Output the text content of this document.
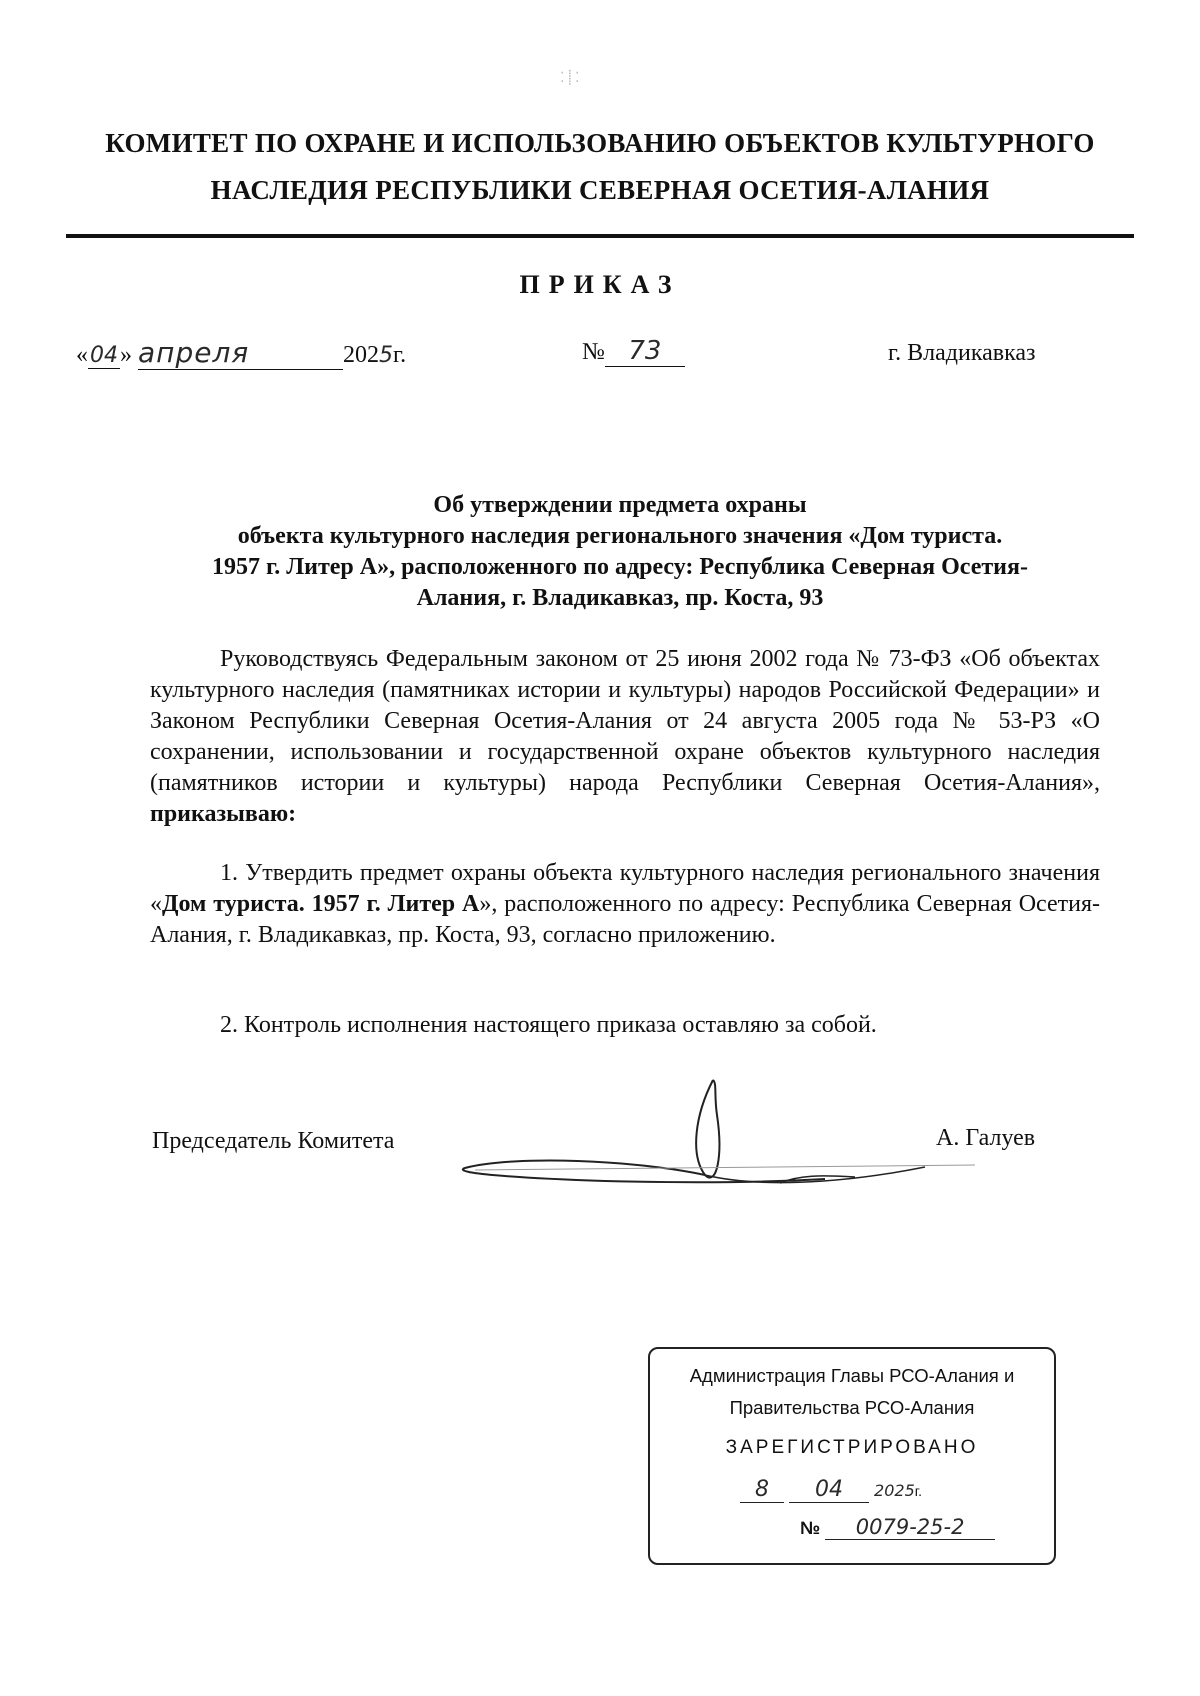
⁚ ⸽ ⁚
КОМИТЕТ ПО ОХРАНЕ И ИСПОЛЬЗОВАНИЮ ОБЪЕКТОВ КУЛЬТУРНОГО
НАСЛЕДИЯ РЕСПУБЛИКИ СЕВЕРНАЯ ОСЕТИЯ-АЛАНИЯ
ПРИКАЗ
«04» апреля	2025г.	№ 73	г. Владикавказ
Об утверждении предмета охраны
объекта культурного наследия регионального значения «Дом туриста.
1957 г. Литер А», расположенного по адресу: Республика Северная Осетия-
Алания, г. Владикавказ, пр. Коста, 93
Руководствуясь Федеральным законом от 25 июня 2002 года № 73-ФЗ «Об объектах культурного наследия (памятниках истории и культуры) народов Российской Федерации» и Законом Республики Северная Осетия-Алания от 24 августа 2005 года № 53-РЗ «О сохранении, использовании и государственной охране объектов культурного наследия (памятников истории и культуры) народа Республики Северная Осетия-Алания», приказываю:
1. Утвердить предмет охраны объекта культурного наследия регионального значения «Дом туриста. 1957 г. Литер А», расположенного по адресу: Республика Северная Осетия-Алания, г. Владикавказ, пр. Коста, 93, согласно приложению.
2. Контроль исполнения настоящего приказа оставляю за собой.
Председатель Комитета	А. Галуев
Администрация Главы РСО-Алания и
Правительства РСО-Алания
ЗАРЕГИСТРИРОВАНО
8 04 2025г.
№ 0079-25-2
